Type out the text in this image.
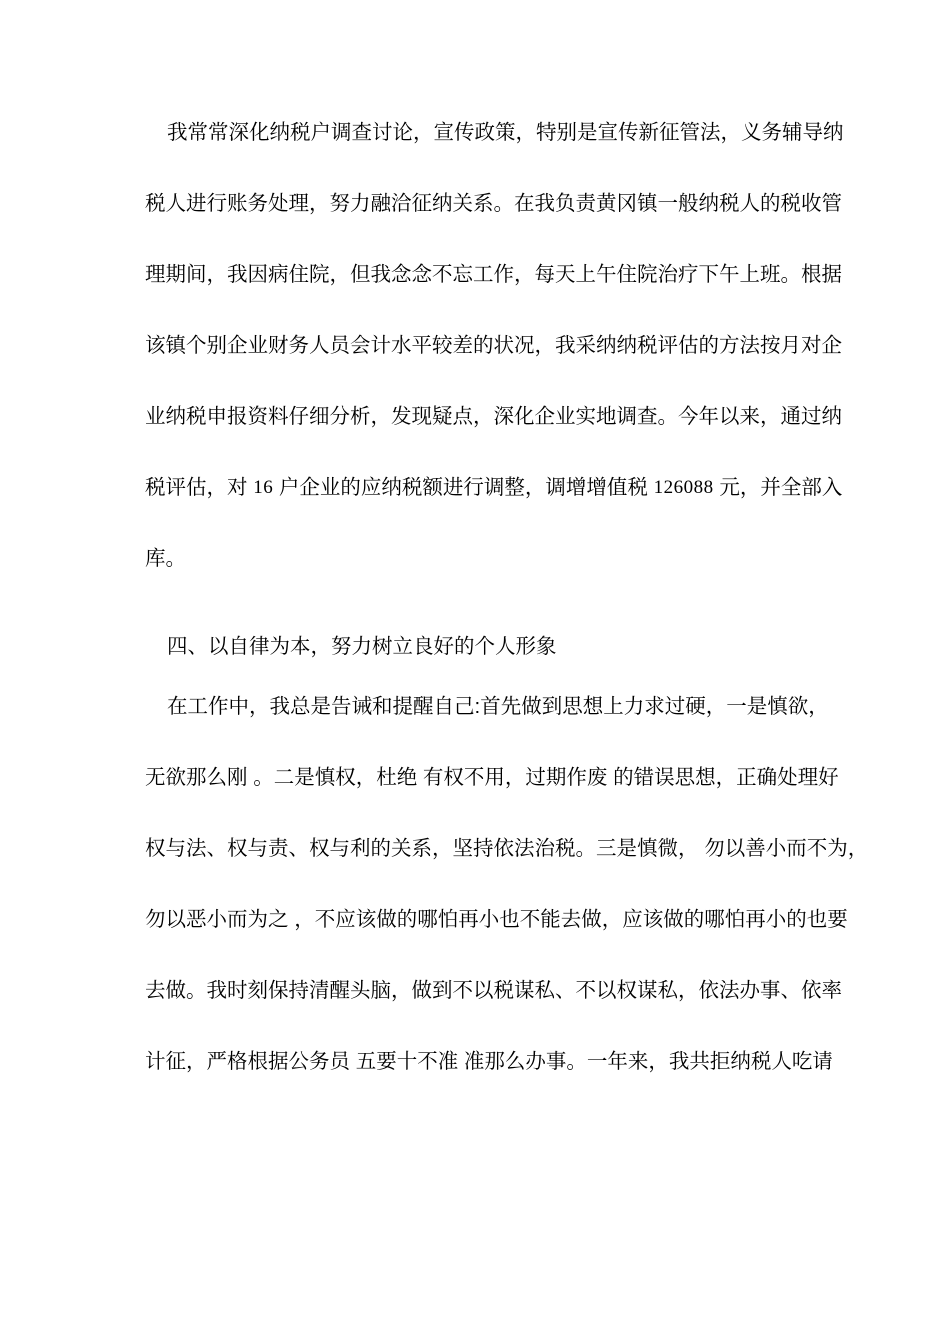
我 常 常 深 化 纳 税 户 调 查 讨 论 ， 宣 传 政 策 ， 特 别 是 宣 传 新 征 管 法 ， 义 务 辅 导 纳
税 人 进 行 账 务 处 理 ， 努 力 融 洽 征 纳 关 系 。 在 我 负 责 黄 冈 镇 一 般 纳 税 人 的 税 收 管
理 期 间 ， 我 因 病 住 院 ， 但 我 念 念 不 忘 工 作 ， 每 天 上 午 住 院 治 疗 下 午 上 班 。 根 据
该 镇 个 别 企 业 财 务 人 员 会 计 水 平 较 差 的 状 况 ， 我 采 纳 纳 税 评 估 的 方 法 按 月 对 企
业 纳 税 申 报 资 料 仔 细 分 析 ， 发 现 疑 点 ， 深 化 企 业 实 地 调 查 。 今 年 以 来 ， 通 过 纳
税 评 估 ， 对
16
户 企 业 的 应 纳 税 额 进 行 调 整 ， 调 增 增 值 税
126088
元 ， 并 全 部 入
库。
四、以自律为本，努力树立良好的个人形象
在工作中，我总是告诫和提醒自己:首先做到思想上力求过硬，一是慎欲，
无 欲 那 么 刚
。 二 是 慎 权 ， 杜 绝
有 权 不 用 ， 过 期 作 废
的 错 误 思 想 ， 正 确 处 理 好
权 与 法 、 权 与 责 、 权 与 利 的 关 系 ， 坚 持 依 法 治 税 。 三 是 慎 微 ，
勿 以 善 小 而 不 为 ，
勿 以 恶 小 而 为 之
， 不 应 该 做 的 哪 怕 再 小 也 不 能 去 做 ， 应 该 做 的 哪 怕 再 小 的 也 要
去 做 。 我 时 刻 保 持 清 醒 头 脑 ， 做 到 不 以 税 谋 私 、 不 以 权 谋 私 ， 依 法 办 事 、 依 率
计 征 ， 严 格 根 据 公 务 员
五 要 十 不 准
准 那 么 办 事 。 一 年 来 ， 我 共 拒 纳 税 人 吃 请
